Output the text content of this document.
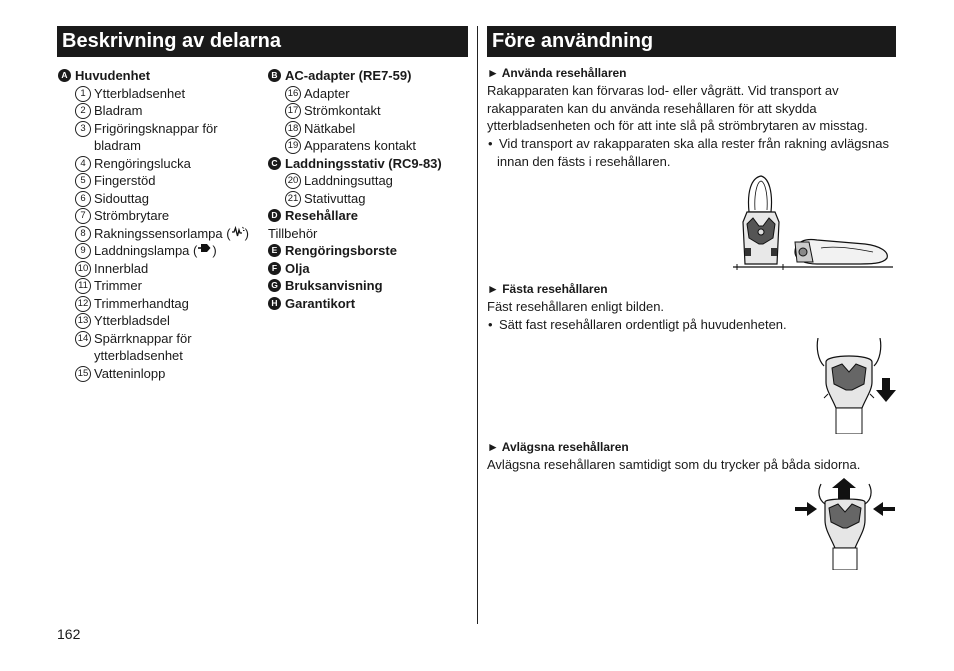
Beskrivning av delarna
A Huvudenhet
1 Ytterbladsenhet
2 Bladram
3 Frigöringsknappar för
bladram
4 Rengöringslucka
5 Fingerstöd
6 Sidouttag
7 Strömbrytare
8 Rakningssensorlampa ( )
9 Laddningslampa ( )
10 Innerblad
11 Trimmer
12 Trimmerhandtag
13 Ytterbladsdel
14 Spärrknappar för
ytterbladsenhet
15 Vatteninlopp
B AC-adapter (RE7-59)
16 Adapter
17 Strömkontakt
18 Nätkabel
19 Apparatens kontakt
C Laddningsstativ (RC9-83)
20 Laddningsuttag
21 Stativuttag
D Resehållare
Tillbehör
E Rengöringsborste
F Olja
G Bruksanvisning
H Garantikort
Före användning
► Använda resehållaren
Rakapparaten kan förvaras lod- eller vågrätt. Vid transport av
rakapparaten kan du använda resehållaren för att skydda
ytterbladsenheten och för att inte slå på strömbrytaren av misstag.
• Vid transport av rakapparaten ska alla rester från rakning avlägsnas
innan den fästs i resehållaren.
► Fästa resehållaren
Fäst resehållaren enligt bilden.
• Sätt fast resehållaren ordentligt på huvudenheten.
► Avlägsna resehållaren
Avlägsna resehållaren samtidigt som du trycker på båda sidorna.
162
